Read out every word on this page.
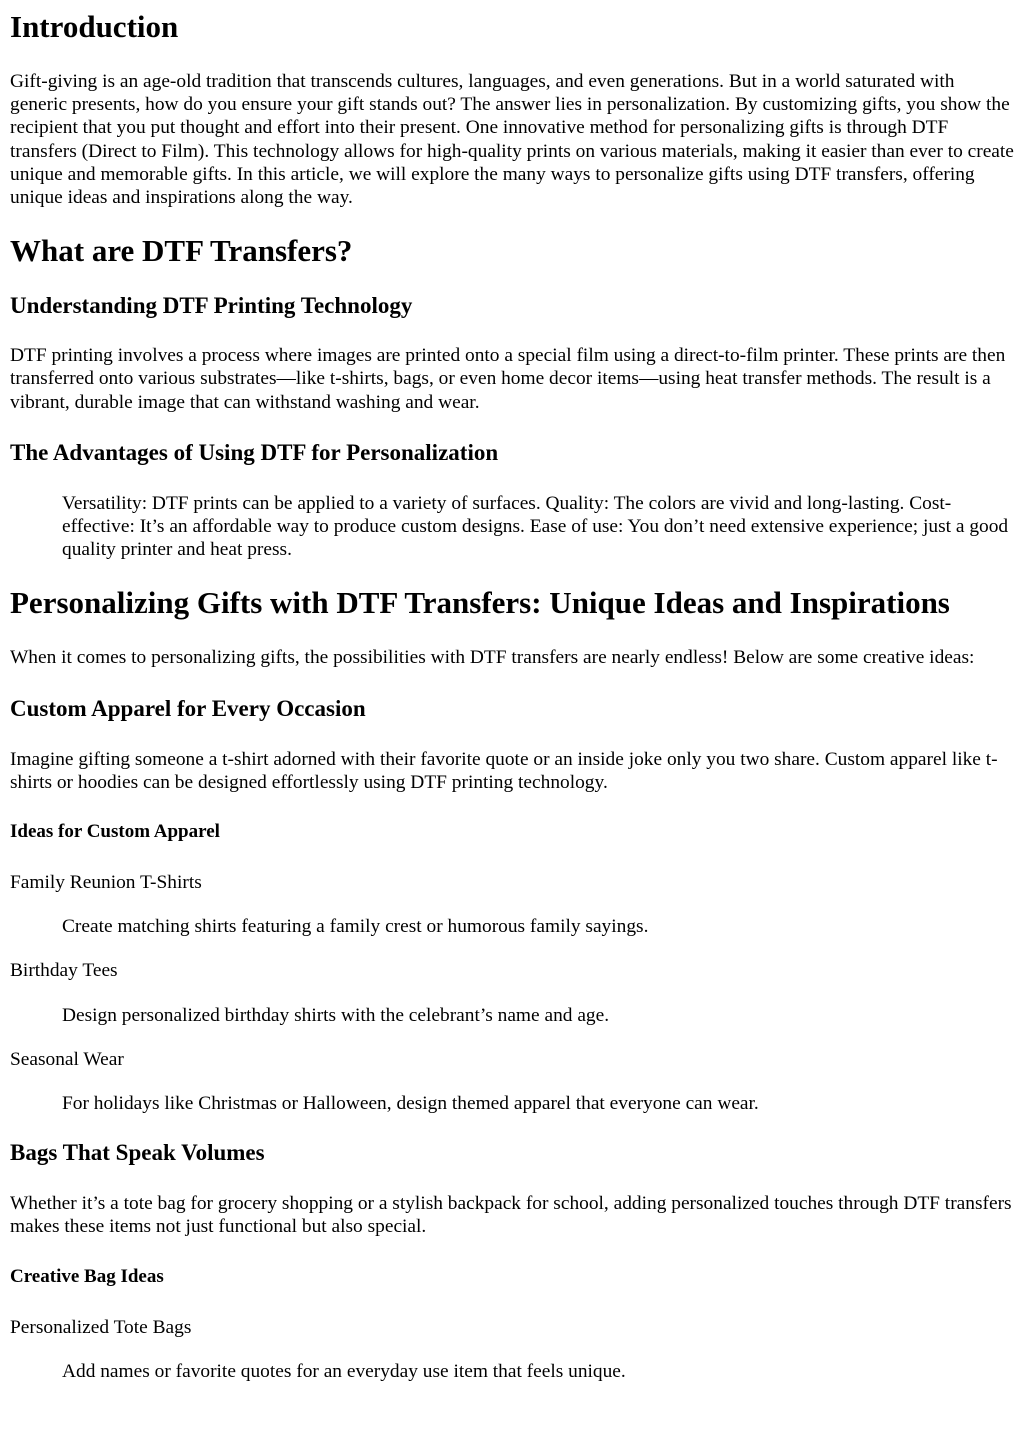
Introduction

Gift-giving is an age-old tradition that transcends cultures, languages, and even generations. But in a world saturated with generic presents, how do you ensure your gift stands out? The answer lies in personalization. By customizing gifts, you show the recipient that you put thought and effort into their present. One innovative method for personalizing gifts is through DTF transfers (Direct to Film). This technology allows for high-quality prints on various materials, making it easier than ever to create unique and memorable gifts. In this article, we will explore the many ways to personalize gifts using DTF transfers, offering unique ideas and inspirations along the way.

What are DTF Transfers?
Understanding DTF Printing Technology

DTF printing involves a process where images are printed onto a special film using a direct-to-film printer. These prints are then transferred onto various substrates—like t-shirts, bags, or even home decor items—using heat transfer methods. The result is a vibrant, durable image that can withstand washing and wear.

The Advantages of Using DTF for Personalization
Versatility: DTF prints can be applied to a variety of surfaces. Quality: The colors are vivid and long-lasting. Cost-effective: It’s an affordable way to produce custom designs. Ease of use: You don’t need extensive experience; just a good quality printer and heat press.
Personalizing Gifts with DTF Transfers: Unique Ideas and Inspirations

When it comes to personalizing gifts, the possibilities with DTF transfers are nearly endless! Below are some creative ideas:

Custom Apparel for Every Occasion

Imagine gifting someone a t-shirt adorned with their favorite quote or an inside joke only you two share. Custom apparel like t-shirts or hoodies can be designed effortlessly using DTF printing technology.

Ideas for Custom Apparel
Family Reunion T-Shirts
Create matching shirts featuring a family crest or humorous family sayings.
Birthday Tees
Design personalized birthday shirts with the celebrant’s name and age.
Seasonal Wear
For holidays like Christmas or Halloween, design themed apparel that everyone can wear.
Bags That Speak Volumes

Whether it’s a tote bag for grocery shopping or a stylish backpack for school, adding personalized touches through DTF transfers makes these items not just functional but also special.

Creative Bag Ideas
Personalized Tote Bags
Add names or favorite quotes for an everyday use item that feels unique.
